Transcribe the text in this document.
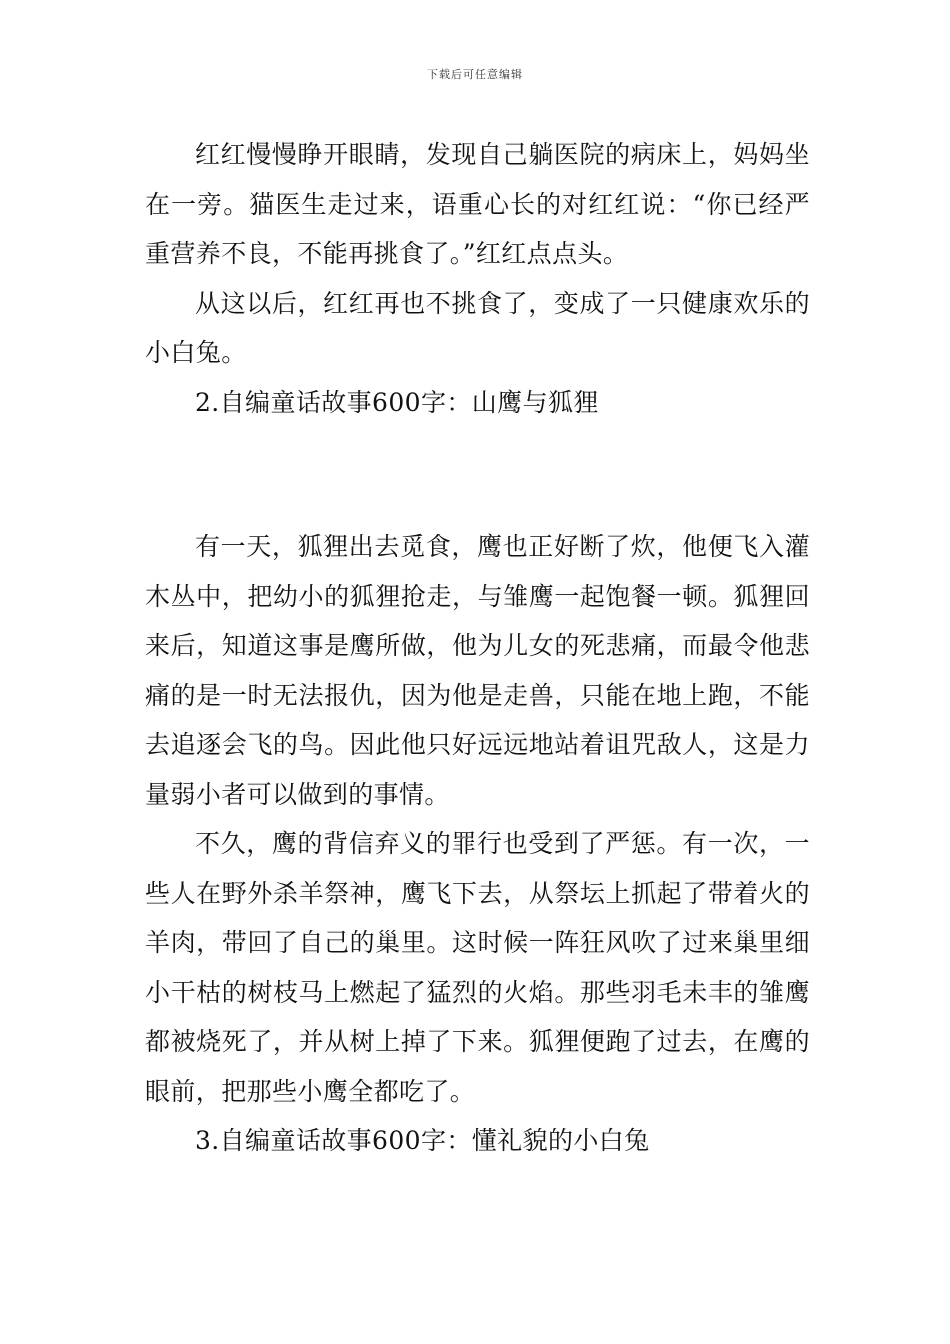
下载后可任意编辑

红红慢慢睁开眼睛，发现自己躺医院的病床上，妈妈坐在一旁。猫医生走过来，语重心长的对红红说：“你已经严重营养不良，不能再挑食了。”红红点点头。

从这以后，红红再也不挑食了，变成了一只健康欢乐的小白兔。

2.自编童话故事600字：山鹰与狐狸

有一天，狐狸出去觅食，鹰也正好断了炊，他便飞入灌木丛中，把幼小的狐狸抢走，与雏鹰一起饱餐一顿。狐狸回来后，知道这事是鹰所做，他为儿女的死悲痛，而最令他悲痛的是一时无法报仇，因为他是走兽，只能在地上跑，不能去追逐会飞的鸟。因此他只好远远地站着诅咒敌人，这是力量弱小者可以做到的事情。

不久，鹰的背信弃义的罪行也受到了严惩。有一次，一些人在野外杀羊祭神，鹰飞下去，从祭坛上抓起了带着火的羊肉，带回了自己的巢里。这时候一阵狂风吹了过来巢里细小干枯的树枝马上燃起了猛烈的火焰。那些羽毛未丰的雏鹰都被烧死了，并从树上掉了下来。狐狸便跑了过去，在鹰的眼前，把那些小鹰全都吃了。

3.自编童话故事600字：懂礼貌的小白兔
